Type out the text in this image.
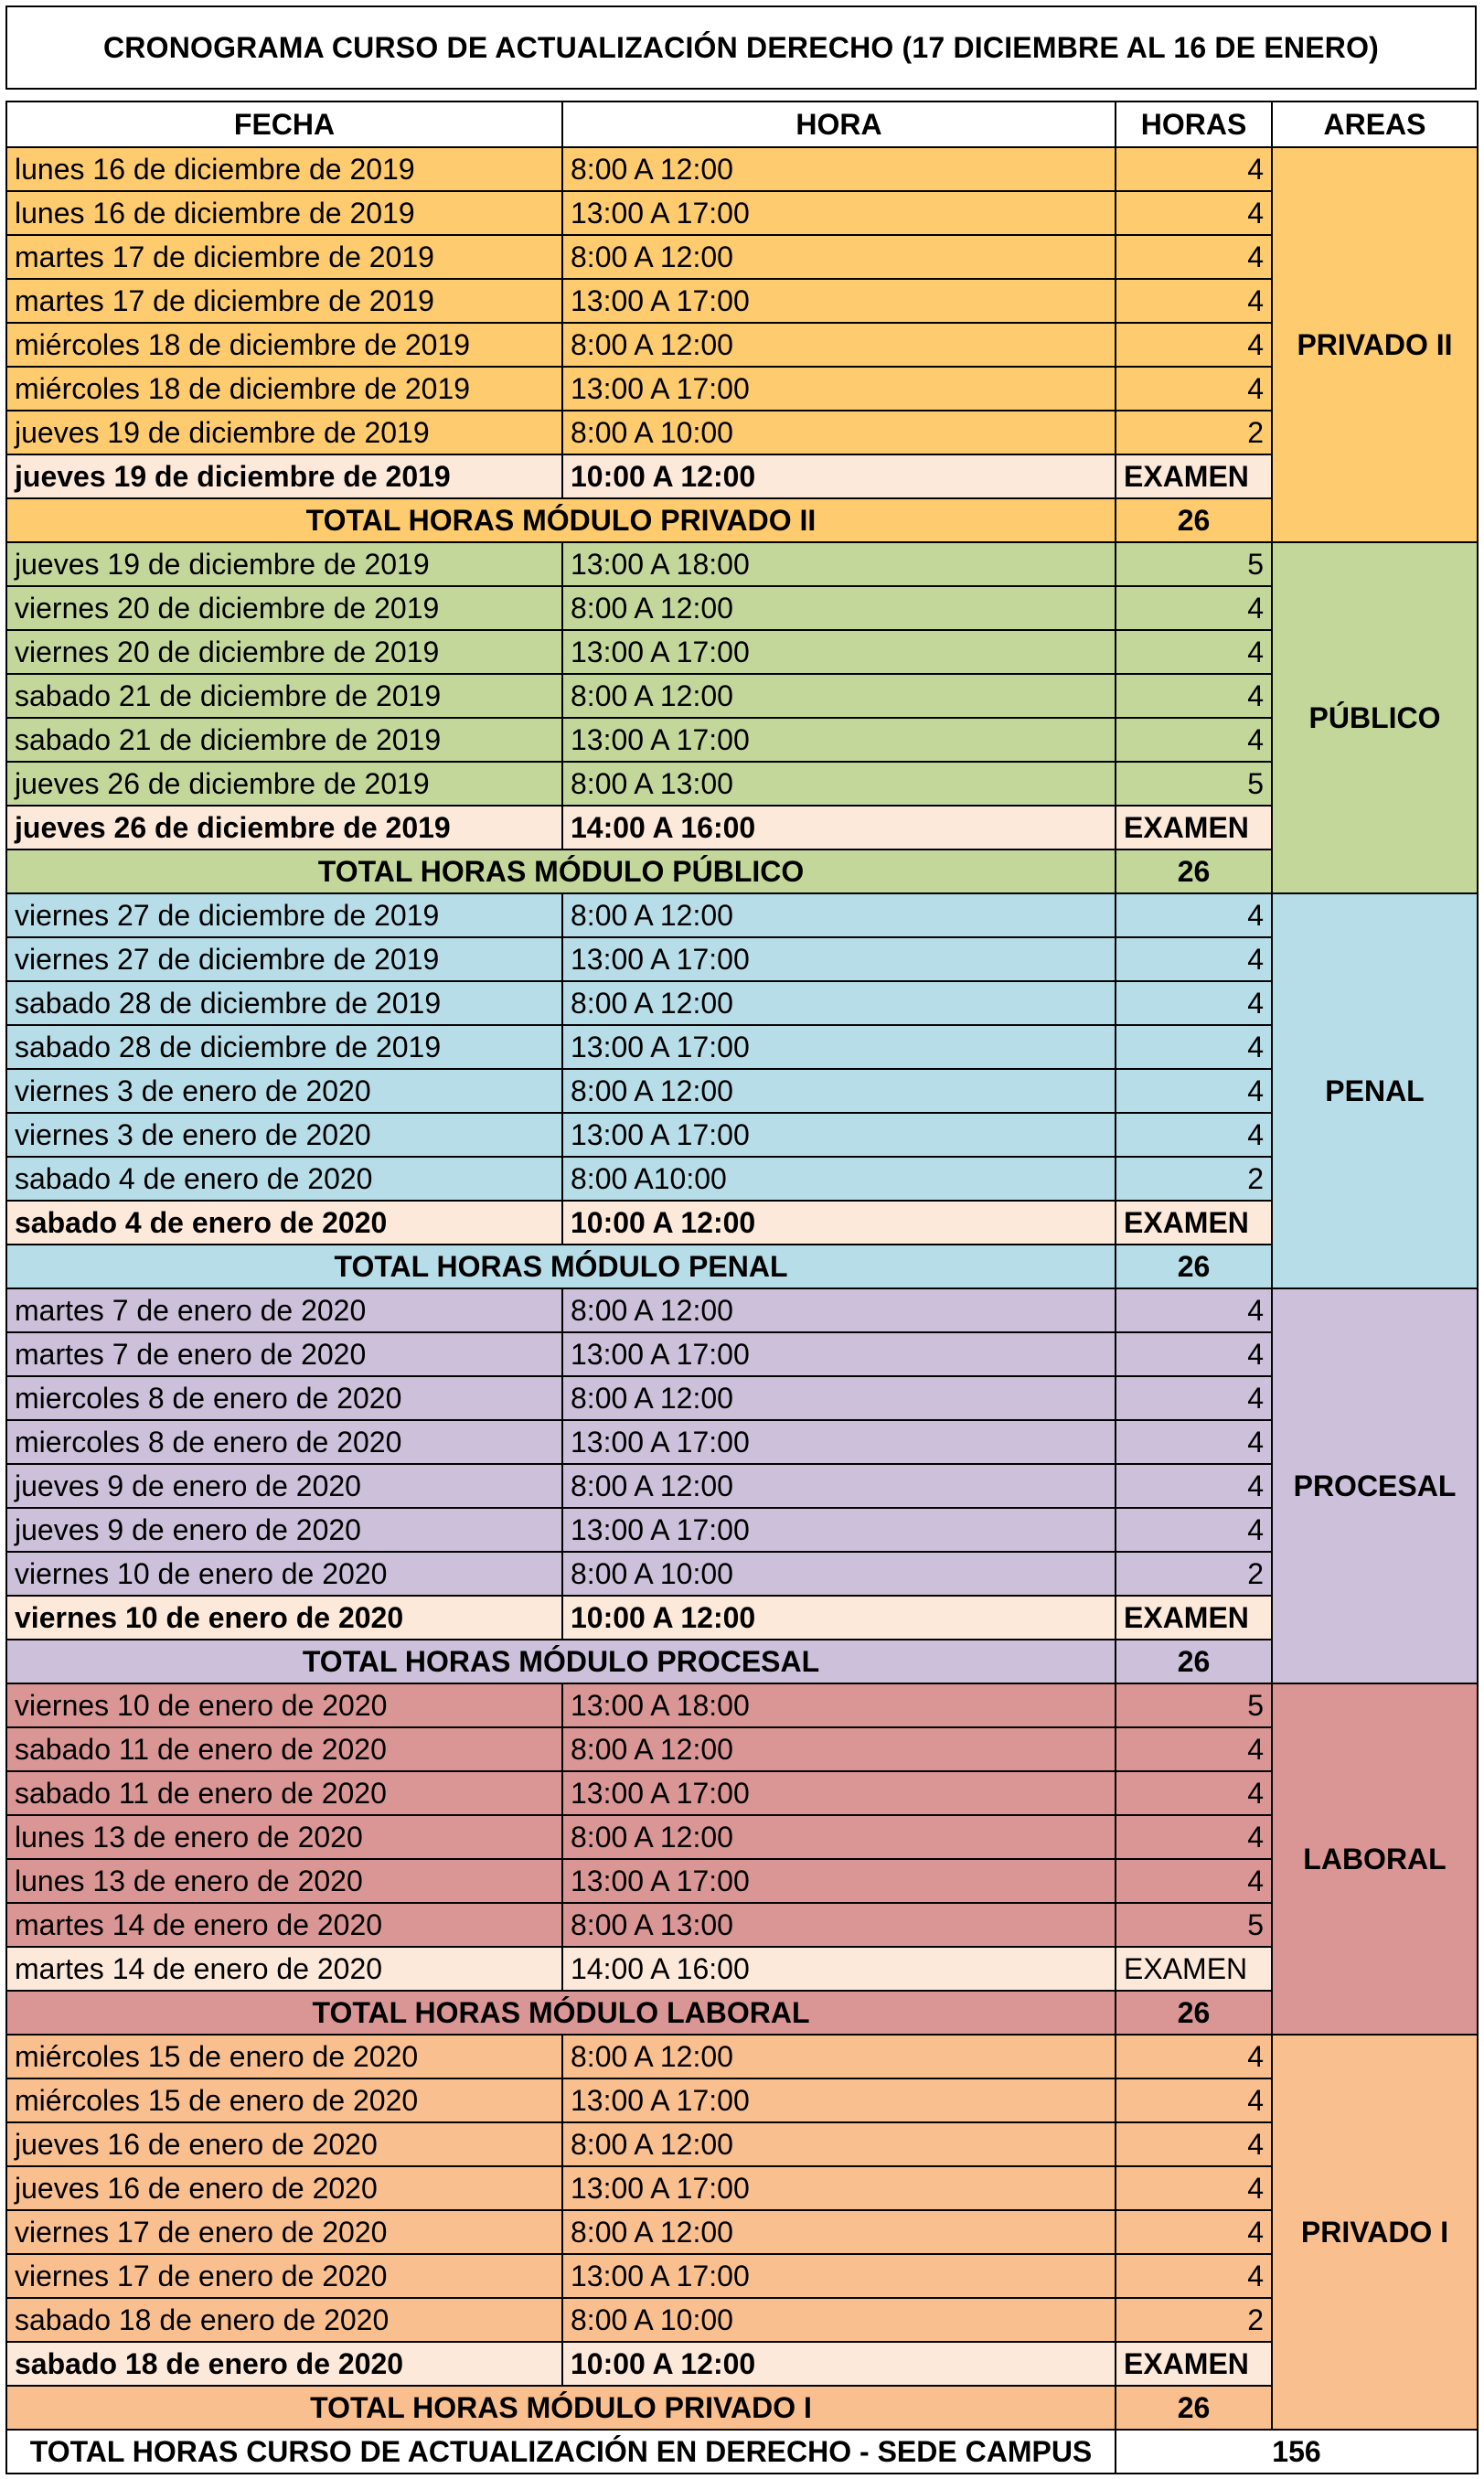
CRONOGRAMA CURSO DE ACTUALIZACIÓN DERECHO (17 DICIEMBRE AL 16 DE ENERO)
FECHA	HORA	HORAS	AREAS
lunes 16 de diciembre de 2019	8:00 A 12:00	4	PRIVADO II
lunes 16 de diciembre de 2019	13:00 A 17:00	4	
martes 17 de diciembre de 2019	8:00 A 12:00	4	
martes 17 de diciembre de 2019	13:00 A 17:00	4	
miércoles 18 de diciembre de 2019	8:00 A 12:00	4	
miércoles 18 de diciembre de 2019	13:00 A 17:00	4	
jueves 19 de diciembre de 2019	8:00 A 10:00	2	
jueves 19 de diciembre de 2019	10:00 A 12:00	EXAMEN	
TOTAL HORAS MÓDULO PRIVADO II		26	
jueves 19 de diciembre de 2019	13:00 A 18:00	5	PÚBLICO
viernes 20 de diciembre de 2019	8:00 A 12:00	4	
viernes 20 de diciembre de 2019	13:00 A 17:00	4	
sabado 21 de diciembre de 2019	8:00 A 12:00	4	
sabado 21 de diciembre de 2019	13:00 A 17:00	4	
jueves 26 de diciembre de 2019	8:00 A 13:00	5	
jueves 26 de diciembre de 2019	14:00 A 16:00	EXAMEN	
TOTAL HORAS MÓDULO PÚBLICO		26	
viernes 27 de diciembre de 2019	8:00 A 12:00	4	PENAL
viernes 27 de diciembre de 2019	13:00 A 17:00	4	
sabado 28 de diciembre de 2019	8:00 A 12:00	4	
sabado 28 de diciembre de 2019	13:00 A 17:00	4	
viernes 3 de enero de 2020	8:00 A 12:00	4	
viernes 3 de enero de 2020	13:00 A 17:00	4	
sabado 4 de enero de 2020	8:00 A10:00	2	
sabado 4 de enero de 2020	10:00 A 12:00	EXAMEN	
TOTAL HORAS MÓDULO PENAL		26	
martes 7 de enero de 2020	8:00 A 12:00	4	PROCESAL
martes 7 de enero de 2020	13:00 A 17:00	4	
miercoles 8 de enero de 2020	8:00 A 12:00	4	
miercoles 8 de enero de 2020	13:00 A 17:00	4	
jueves 9 de enero de 2020	8:00 A 12:00	4	
jueves 9 de enero de 2020	13:00 A 17:00	4	
viernes 10 de enero de 2020	8:00 A 10:00	2	
viernes 10 de enero de 2020	10:00 A 12:00	EXAMEN	
TOTAL HORAS MÓDULO PROCESAL		26	
viernes 10 de enero de 2020	13:00 A 18:00	5	LABORAL
sabado 11 de enero de 2020	8:00 A 12:00	4	
sabado 11 de enero de 2020	13:00 A 17:00	4	
lunes 13 de enero de 2020	8:00 A 12:00	4	
lunes 13 de enero de 2020	13:00 A 17:00	4	
martes 14 de enero de 2020	8:00 A 13:00	5	
martes 14 de enero de 2020	14:00 A 16:00	EXAMEN	
TOTAL HORAS MÓDULO LABORAL		26	
miércoles 15 de enero de 2020	8:00 A 12:00	4	PRIVADO I
miércoles 15 de enero de 2020	13:00 A 17:00	4	
jueves 16 de enero de 2020	8:00 A 12:00	4	
jueves 16 de enero de 2020	13:00 A 17:00	4	
viernes 17 de enero de 2020	8:00 A 12:00	4	
viernes 17 de enero de 2020	13:00 A 17:00	4	
sabado 18 de enero de 2020	8:00 A 10:00	2	
sabado 18 de enero de 2020	10:00 A 12:00	EXAMEN	
TOTAL HORAS MÓDULO PRIVADO I		26	
TOTAL HORAS CURSO DE ACTUALIZACIÓN EN DERECHO - SEDE CAMPUS		156	
